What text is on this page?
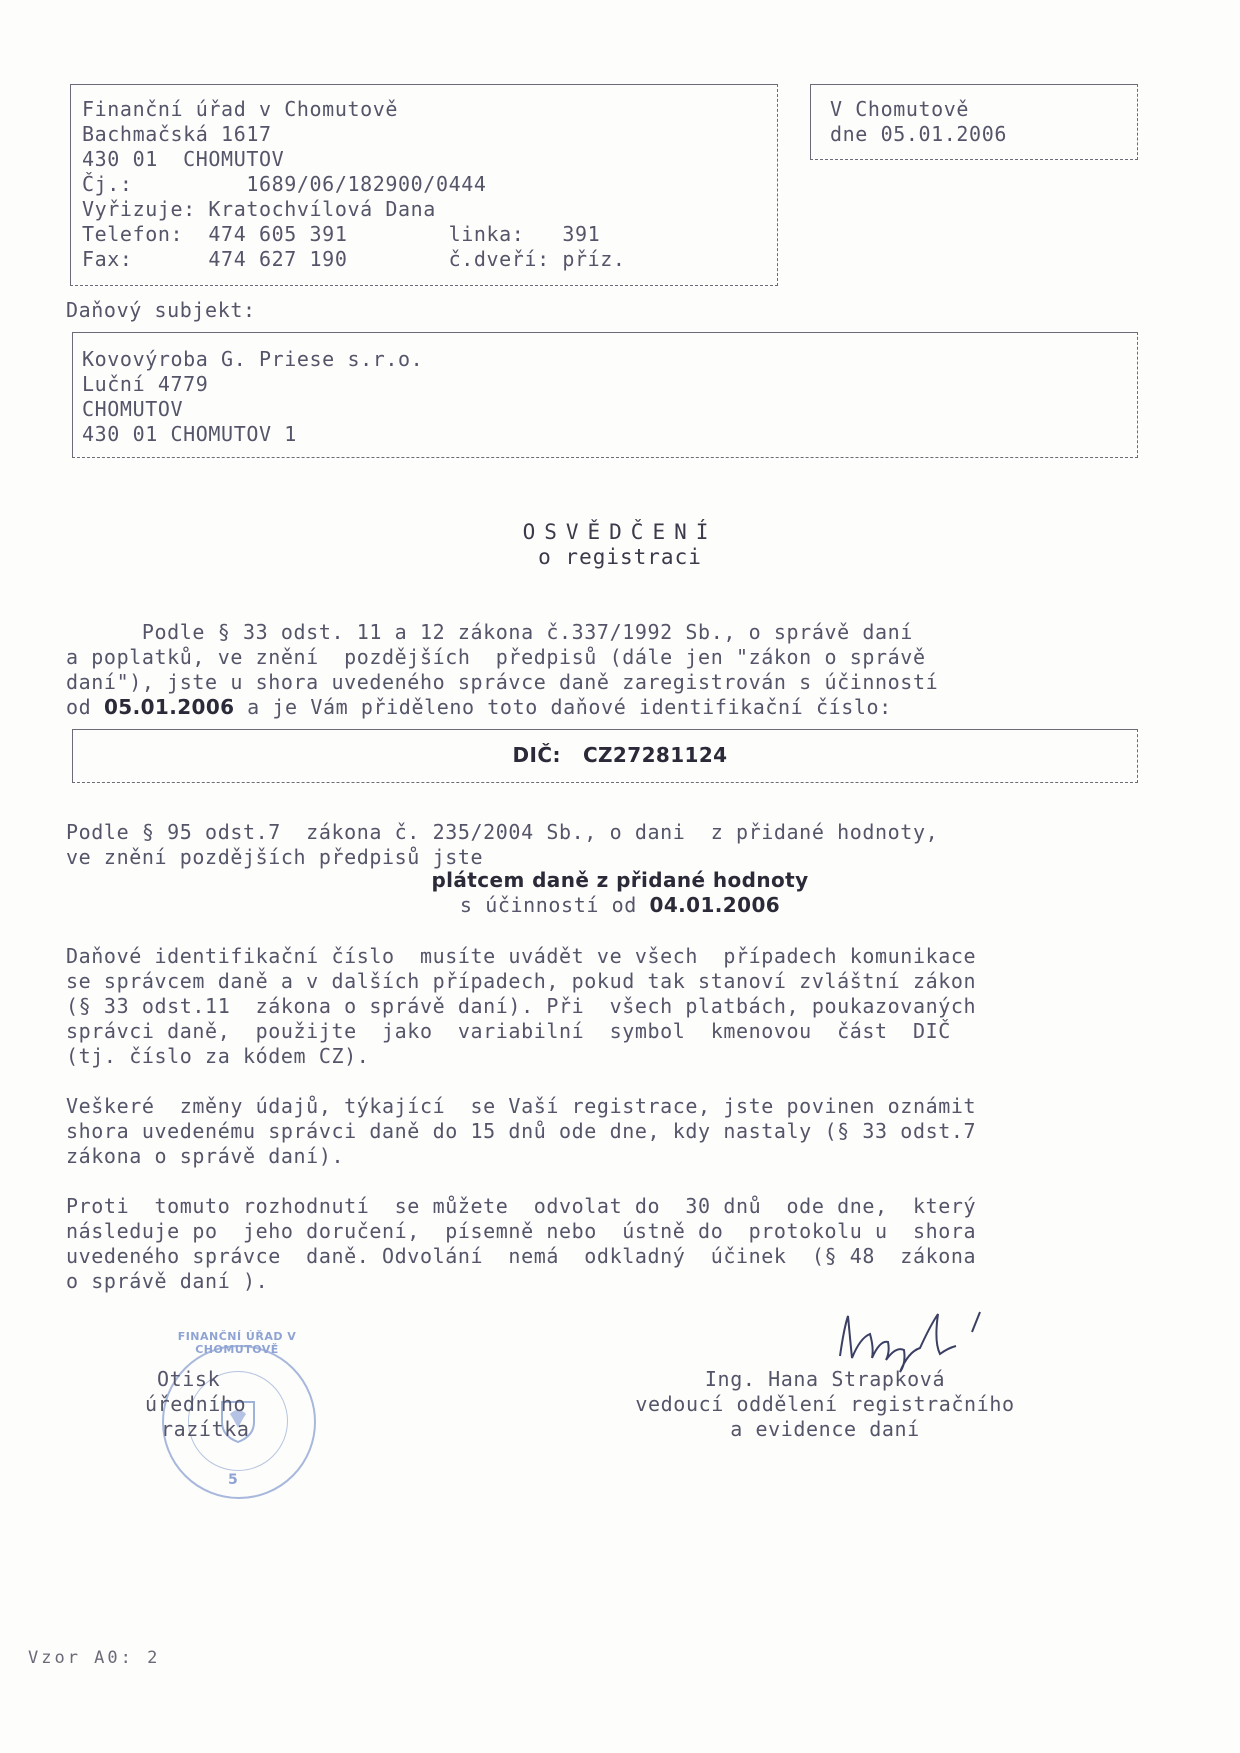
Finanční úřad v Chomutově
Bachmačská 1617
430 01  CHOMUTOV
Čj.:         1689/06/182900/0444
Vyřizuje: Kratochvílová Dana
Telefon:  474 605 391        linka:   391
Fax:      474 627 190        č.dveří: příz.
V Chomutově
dne 05.01.2006
Daňový subjekt:
Kovovýroba G. Priese s.r.o.
Luční 4779
CHOMUTOV
430 01 CHOMUTOV 1
OSVĚDČENÍ
o registraci
Podle § 33 odst. 11 a 12 zákona č.337/1992 Sb., o správě daní
a poplatků, ve znění  pozdějších  předpisů (dále jen "zákon o správě
daní"), jste u shora uvedeného správce daně zaregistrován s účinností
od 05.01.2006 a je Vám přiděleno toto daňové identifikační číslo:
DIČ: CZ27281124
Podle § 95 odst.7  zákona č. 235/2004 Sb., o dani  z přidané hodnoty,
ve znění pozdějších předpisů jste
plátcem daně z přidané hodnoty
s účinností od 04.01.2006
Daňové identifikační číslo  musíte uvádět ve všech  případech komunikace
se správcem daně a v dalších případech, pokud tak stanoví zvláštní zákon
(§ 33 odst.11  zákona o správě daní). Při  všech platbách, poukazovaných
správci daně,  použijte  jako  variabilní  symbol  kmenovou  část  DIČ
(tj. číslo za kódem CZ).
Veškeré  změny údajů, týkající  se Vaší registrace, jste povinen oznámit
shora uvedenému správci daně do 15 dnů ode dne, kdy nastaly (§ 33 odst.7
zákona o správě daní).
Proti  tomuto rozhodnutí  se můžete  odvolat do  30 dnů  ode dne,  který
následuje po  jeho doručení,  písemně nebo  ústně do  protokolu u  shora
uvedeného správce  daně. Odvolání  nemá  odkladný  účinek  (§ 48  zákona
o správě daní ).
FINANČNÍ ÚŘAD V CHOMUTOVĚ
5
Otisk
úředního
razítka
Ing. Hana Strapková
vedoucí oddělení registračního
a evidence daní
Vzor A0: 2
